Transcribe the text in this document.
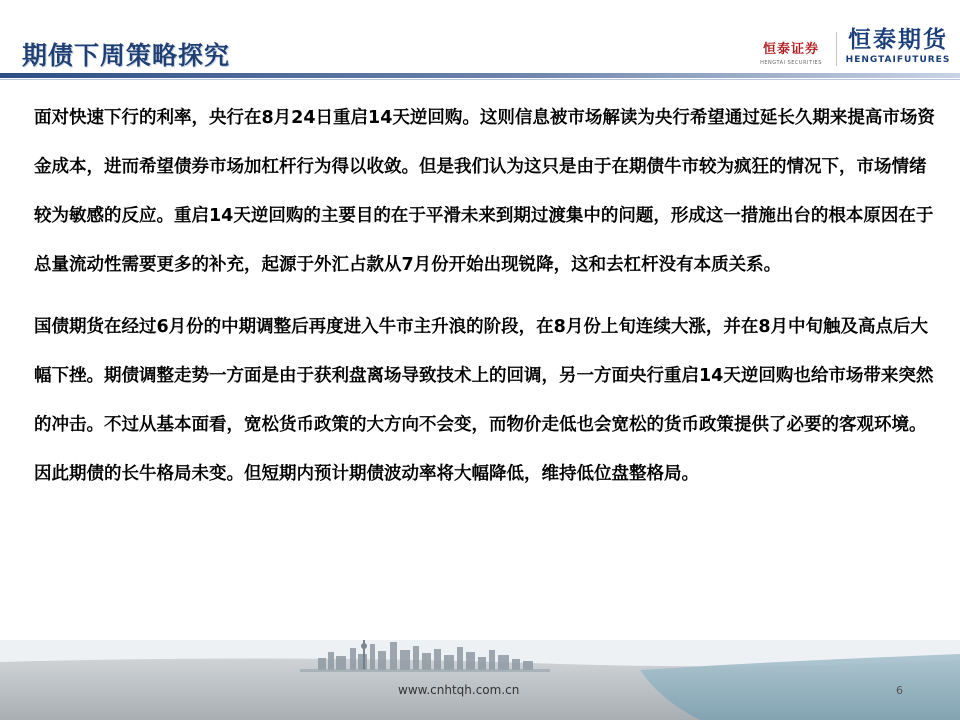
期债下周策略探究	恒泰证券
HENGTAI SECURITIES
恒泰期货
HENGTAIFUTURES

面对快速下行的利率，央行在8月24日重启14天逆回购。这则信息被市场解读为央行希望通过延长久期来提高市场资金成本，进而希望债券市场加杠杆行为得以收敛。但是我们认为这只是由于在期债牛市较为疯狂的情况下，市场情绪较为敏感的反应。重启14天逆回购的主要目的在于平滑未来到期过渡集中的问题，形成这一措施出台的根本原因在于总量流动性需要更多的补充，起源于外汇占款从7月份开始出现锐降，这和去杠杆没有本质关系。

国债期货在经过6月份的中期调整后再度进入牛市主升浪的阶段，在8月份上旬连续大涨，并在8月中旬触及高点后大幅下挫。期债调整走势一方面是由于获利盘离场导致技术上的回调，另一方面央行重启14天逆回购也给市场带来突然的冲击。不过从基本面看，宽松货币政策的大方向不会变，而物价走低也会宽松的货币政策提供了必要的客观环境。因此期债的长牛格局未变。但短期内预计期债波动率将大幅降低，维持低位盘整格局。

www.cnhtqh.com.cn	6
